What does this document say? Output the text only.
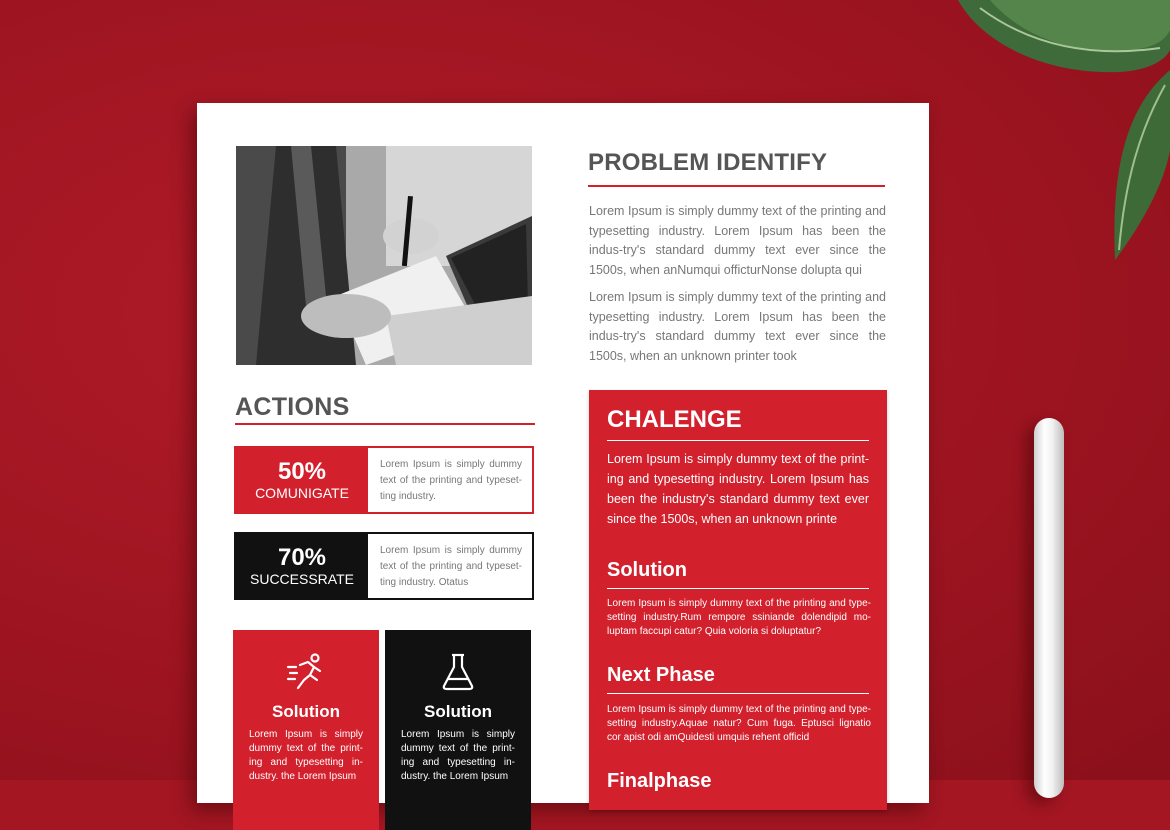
ACTIONS
50%
COMUNIGATE
Lorem Ipsum is simply dummy text of the printing and typeset-ting industry.
70%
SUCCESSRATE
Lorem Ipsum is simply dummy text of the printing and typeset-ting industry. Otatus
Solution
Lorem Ipsum is simply dummy text of the print-ing and typesetting in-dustry. the Lorem Ipsum
Solution
Lorem Ipsum is simply dummy text of the print-ing and typesetting in-dustry. the Lorem Ipsum
PROBLEM IDENTIFY
Lorem Ipsum is simply dummy text of the printing and typesetting industry. Lorem Ipsum has been the indus-try's standard dummy text ever since the 1500s, when anNumqui officturNonse dolupta qui
Lorem Ipsum is simply dummy text of the printing and typesetting industry. Lorem Ipsum has been the indus-try's standard dummy text ever since the 1500s, when an unknown printer took
CHALENGE
Lorem Ipsum is simply dummy text of the print-ing and typesetting industry. Lorem Ipsum has been the industry's standard dummy text ever since the 1500s, when an unknown printe
Solution
Lorem Ipsum is simply dummy text of the printing and type-setting industry.Rum rempore ssiniande dolendipid mo-luptam faccupi catur? Quia voloria si doluptatur?
Next Phase
Lorem Ipsum is simply dummy text of the printing and type-setting industry.Aquae natur? Cum fuga. Eptusci lignatio cor apist odi amQuidesti umquis rehent officid
Finalphase
